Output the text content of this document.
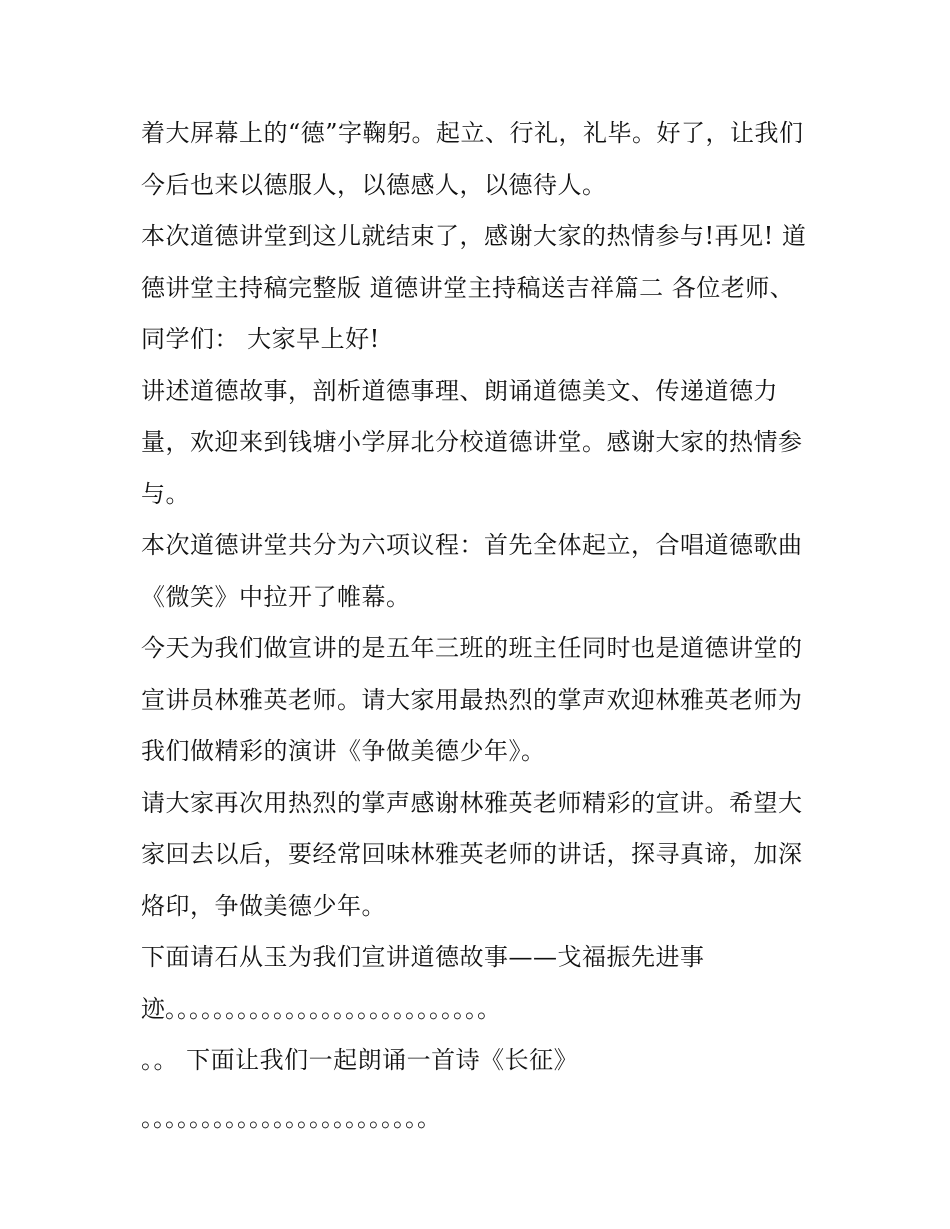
着大屏幕上的“德”字鞠躬。起立、行礼，礼毕。好了，让我们
今后也来以德服人，以德感人，以德待人。
本次道德讲堂到这儿就结束了，感谢大家的热情参与!再见! 道
德讲堂主持稿完整版 道德讲堂主持稿送吉祥篇二 各位老师、
同学们： 大家早上好!
讲述道德故事，剖析道德事理、朗诵道德美文、传递道德力
量，欢迎来到钱塘小学屏北分校道德讲堂。感谢大家的热情参
与。
本次道德讲堂共分为六项议程：首先全体起立，合唱道德歌曲
《微笑》中拉开了帷幕。
今天为我们做宣讲的是五年三班的班主任同时也是道德讲堂的
宣讲员林雅英老师。请大家用最热烈的掌声欢迎林雅英老师为
我们做精彩的演讲《争做美德少年》。
请大家再次用热烈的掌声感谢林雅英老师精彩的宣讲。希望大
家回去以后，要经常回味林雅英老师的讲话，探寻真谛，加深
烙印，争做美德少年。
下面请石从玉为我们宣讲道德故事——戈福振先进事
迹。。。。。。。。。。。。。。。。。。。。。。。。。。。
。。 下面让我们一起朗诵一首诗《长征》
。。。。。。。。。。。。。。。。。。。。。。。。
